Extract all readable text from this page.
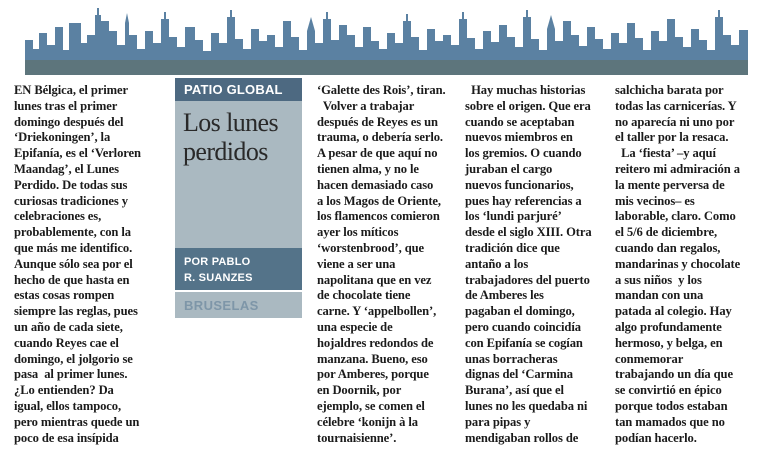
EN Bélgica, el primer
lunes tras el primer
domingo después del
‘Driekoningen’, la
Epifanía, es el ‘Verloren
Maandag’, el Lunes
Perdido. De todas sus
curiosas tradiciones y
celebraciones es,
probablemente, con la
que más me identifico.
Aunque sólo sea por el
hecho de que hasta en
estas cosas rompen
siempre las reglas, pues
un año de cada siete,
cuando Reyes cae el
domingo, el jolgorio se
pasa  al primer lunes.
¿Lo entienden? Da
igual, ellos tampoco,
pero mientras quede un
poco de esa insípida
PATIO GLOBAL
Los lunes perdidos
POR PABLO
R. SUANZES
BRUSELAS
‘Galette des Rois’, tiran.
Volver a trabajar
después de Reyes es un
trauma, o debería serlo.
A pesar de que aquí no
tienen alma, y no le
hacen demasiado caso
a los Magos de Oriente,
los flamencos comieron
ayer los míticos
‘worstenbrood’, que
viene a ser una
napolitana que en vez
de chocolate tiene
carne. Y ‘appelbollen’,
una especie de
hojaldres redondos de
manzana. Bueno, eso
por Amberes, porque
en Doornik, por
ejemplo, se comen el
célebre ‘konijn à la
tournaisienne’.
Hay muchas historias
sobre el origen. Que era
cuando se aceptaban
nuevos miembros en
los gremios. O cuando
juraban el cargo
nuevos funcionarios,
pues hay referencias a
los ‘lundi parjuré’
desde el siglo XIII. Otra
tradición dice que
antaño a los
trabajadores del puerto
de Amberes les
pagaban el domingo,
pero cuando coincidía
con Epifanía se cogían
unas borracheras
dignas del ‘Carmina
Burana’, así que el
lunes no les quedaba ni
para pipas y
mendigaban rollos de
salchicha barata por
todas las carnicerías. Y
no aparecía ni uno por
el taller por la resaca.
La ‘fiesta’ –y aquí
reitero mi admiración a
la mente perversa de
mis vecinos– es
laborable, claro. Como
el 5/6 de diciembre,
cuando dan regalos,
mandarinas y chocolate
a sus niños  y los
mandan con una
patada al colegio. Hay
algo profundamente
hermoso, y belga, en
conmemorar
trabajando un día que
se convirtió en épico
porque todos estaban
tan mamados que no
podían hacerlo.
